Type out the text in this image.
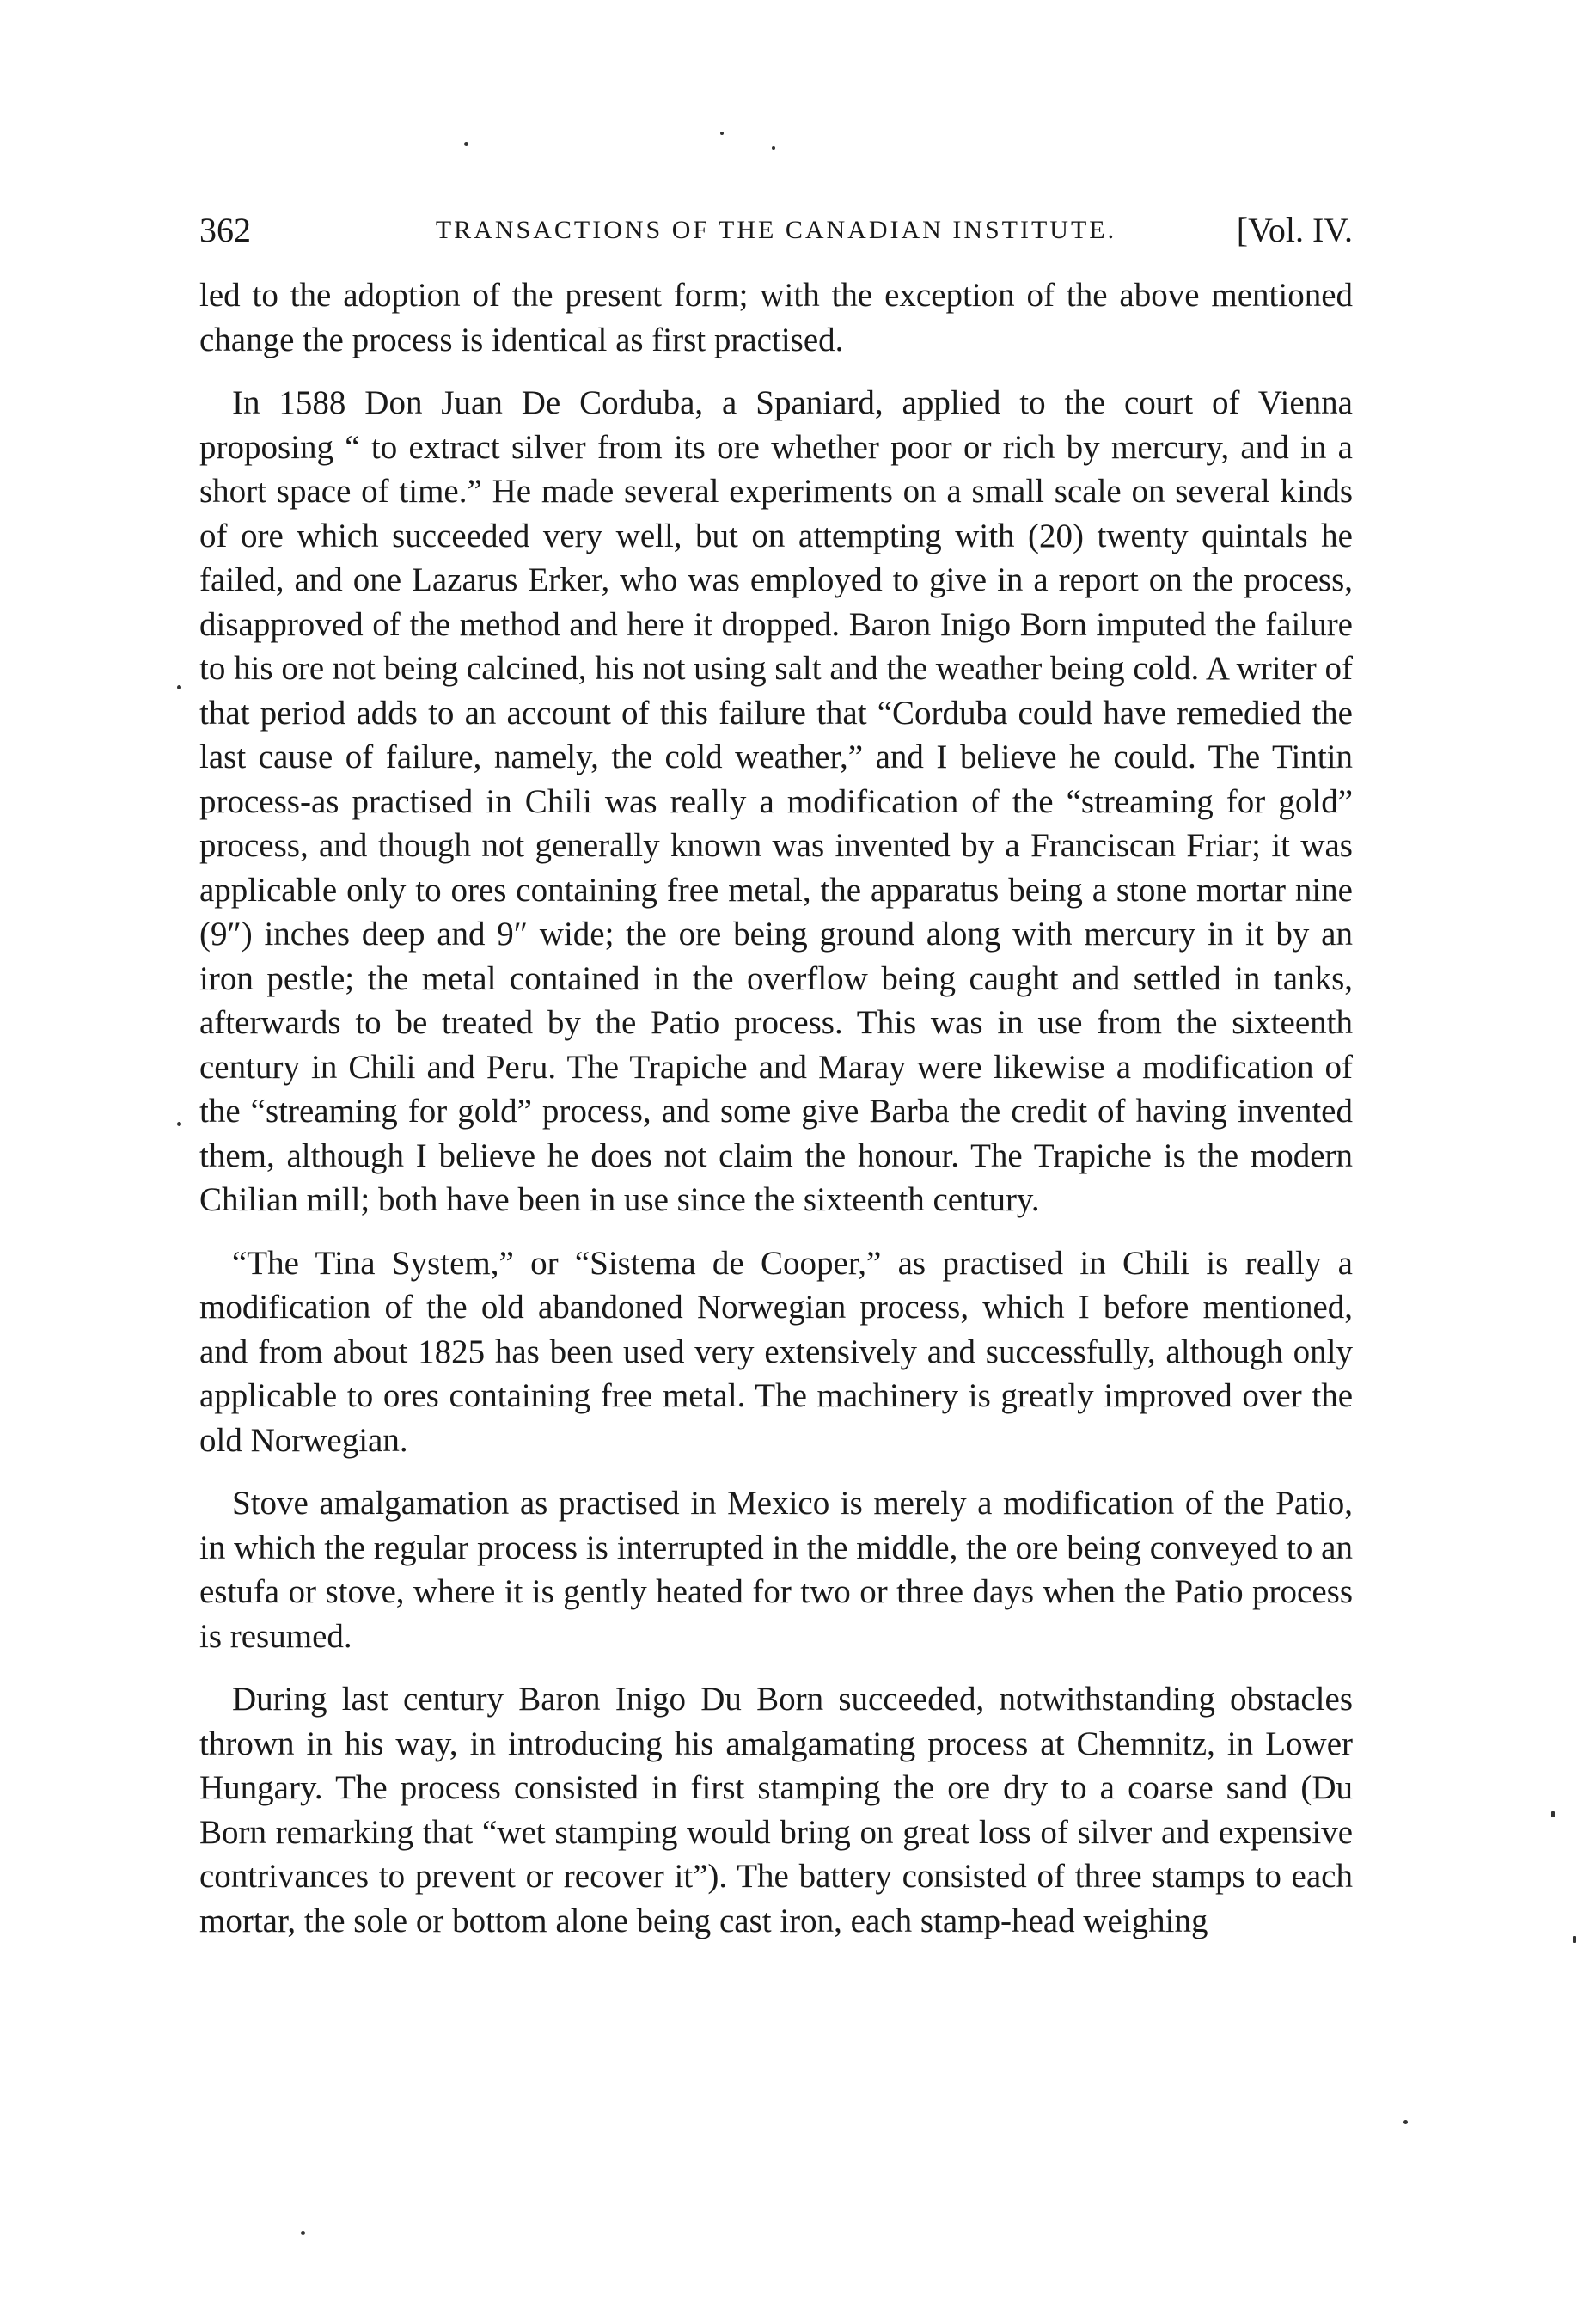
362	TRANSACTIONS OF THE CANADIAN INSTITUTE.	[Vol. IV.

led to the adoption of the present form; with the exception of the above mentioned change the process is identical as first practised.

In 1588 Don Juan De Corduba, a Spaniard, applied to the court of Vienna proposing “ to extract silver from its ore whether poor or rich by mercury, and in a short space of time.” He made several experiments on a small scale on several kinds of ore which succeeded very well, but on attempting with (20) twenty quintals he failed, and one Lazarus Erker, who was employed to give in a report on the process, disapproved of the method and here it dropped. Baron Inigo Born imputed the failure to his ore not being calcined, his not using salt and the weather being cold. A writer of that period adds to an account of this failure that “Corduba could have remedied the last cause of failure, namely, the cold weather,” and I believe he could. The Tintin process-as practised in Chili was really a modification of the “streaming for gold” process, and though not generally known was invented by a Franciscan Friar; it was applicable only to ores containing free metal, the apparatus being a stone mortar nine (9″) inches deep and 9″ wide; the ore being ground along with mercury in it by an iron pestle; the metal contained in the overflow being caught and settled in tanks, afterwards to be treated by the Patio process. This was in use from the sixteenth century in Chili and Peru. The Trapiche and Maray were likewise a modification of the “streaming for gold” process, and some give Barba the credit of having invented them, although I believe he does not claim the honour. The Trapiche is the modern Chilian mill; both have been in use since the sixteenth century.

“The Tina System,” or “Sistema de Cooper,” as practised in Chili is really a modification of the old abandoned Norwegian process, which I before mentioned, and from about 1825 has been used very extensively and successfully, although only applicable to ores containing free metal. The machinery is greatly improved over the old Norwegian.

Stove amalgamation as practised in Mexico is merely a modification of the Patio, in which the regular process is interrupted in the middle, the ore being conveyed to an estufa or stove, where it is gently heated for two or three days when the Patio process is resumed.

During last century Baron Inigo Du Born succeeded, notwithstanding obstacles thrown in his way, in introducing his amalgamating process at Chemnitz, in Lower Hungary. The process consisted in first stamping the ore dry to a coarse sand (Du Born remarking that “wet stamping would bring on great loss of silver and expensive contrivances to prevent or recover it”). The battery consisted of three stamps to each mortar, the sole or bottom alone being cast iron, each stamp-head weighing
